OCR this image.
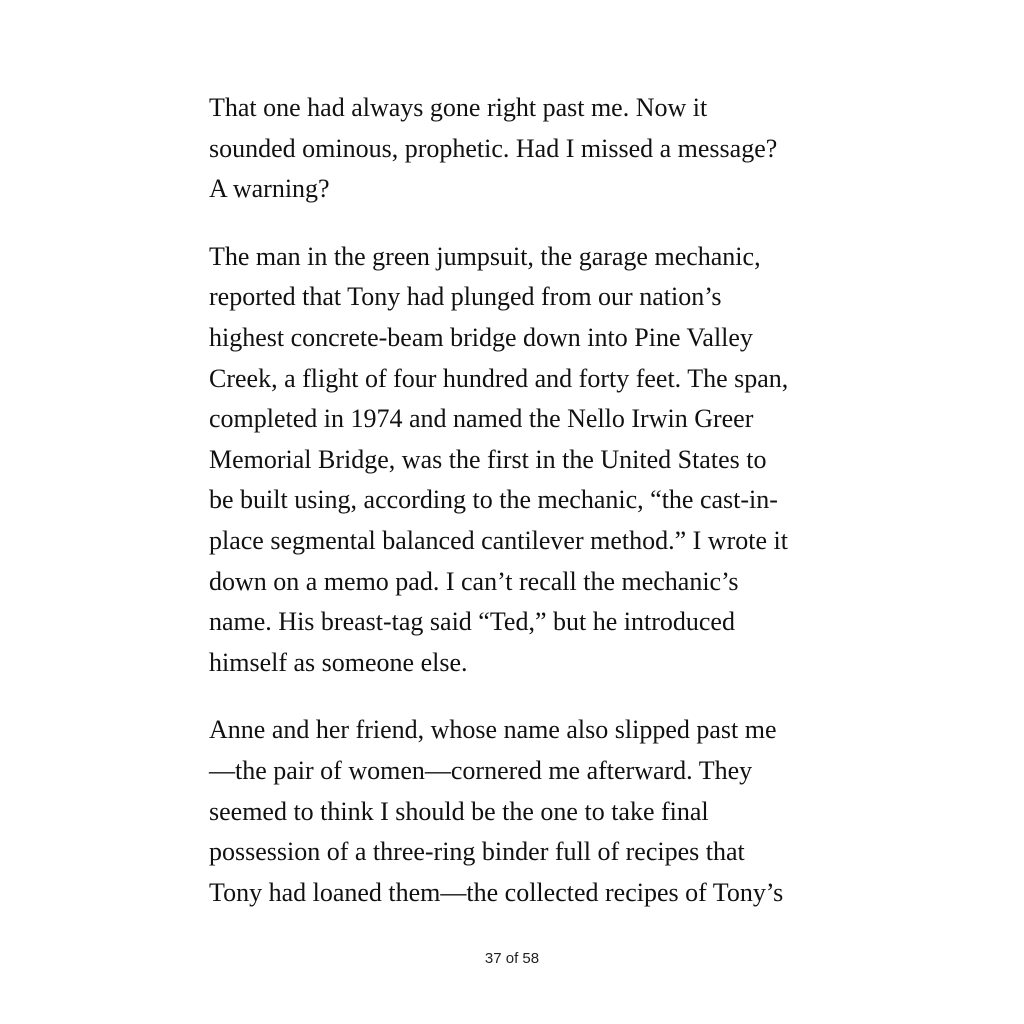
That one had always gone right past me. Now it
sounded ominous, prophetic. Had I missed a message?
A warning?

The man in the green jumpsuit, the garage mechanic,
reported that Tony had plunged from our nation’s
highest concrete-beam bridge down into Pine Valley
Creek, a flight of four hundred and forty feet. The span,
completed in 1974 and named the Nello Irwin Greer
Memorial Bridge, was the first in the United States to
be built using, according to the mechanic, “the cast-in-
place segmental balanced cantilever method.” I wrote it
down on a memo pad. I can’t recall the mechanic’s
name. His breast-tag said “Ted,” but he introduced
himself as someone else.

Anne and her friend, whose name also slipped past me
—the pair of women—cornered me afterward. They
seemed to think I should be the one to take final
possession of a three-ring binder full of recipes that
Tony had loaned them—the collected recipes of Tony’s

37 of 58
